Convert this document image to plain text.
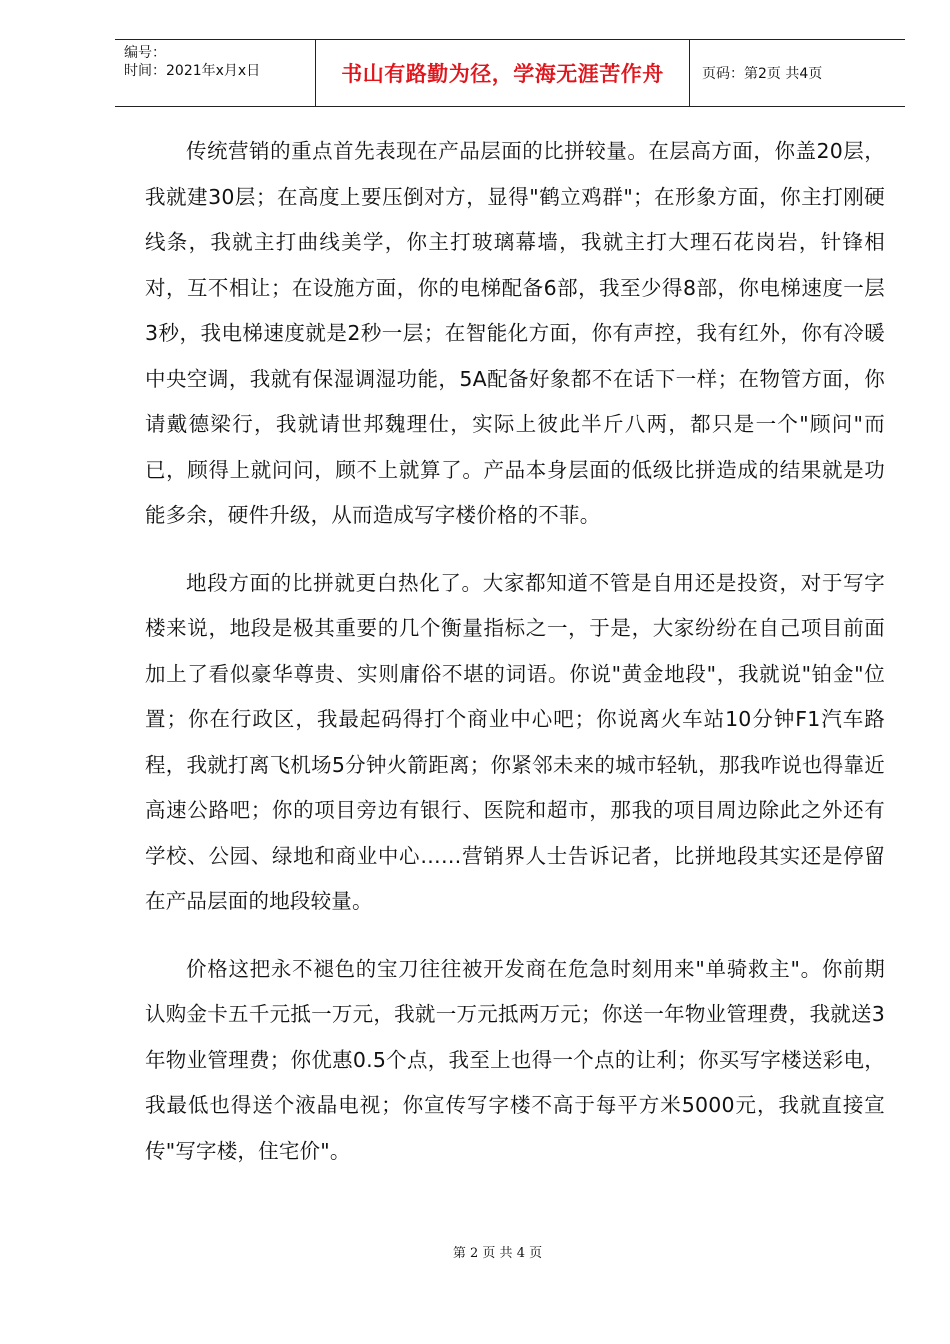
编号：
时间：2021年x月x日	书山有路勤为径，学海无涯苦作舟	页码：第2页 共4页

传统营销的重点首先表现在产品层面的比拼较量。在层高方面，你盖20层，我就建30层；在高度上要压倒对方，显得"鹤立鸡群"；在形象方面，你主打刚硬线条，我就主打曲线美学，你主打玻璃幕墙，我就主打大理石花岗岩，针锋相对，互不相让；在设施方面，你的电梯配备6部，我至少得8部，你电梯速度一层3秒，我电梯速度就是2秒一层；在智能化方面，你有声控，我有红外，你有冷暖中央空调，我就有保湿调湿功能，5A配备好象都不在话下一样；在物管方面，你请戴德梁行，我就请世邦魏理仕，实际上彼此半斤八两，都只是一个"顾问"而已，顾得上就问问，顾不上就算了。产品本身层面的低级比拼造成的结果就是功能多余，硬件升级，从而造成写字楼价格的不菲。

地段方面的比拼就更白热化了。大家都知道不管是自用还是投资，对于写字楼来说，地段是极其重要的几个衡量指标之一，于是，大家纷纷在自己项目前面加上了看似豪华尊贵、实则庸俗不堪的词语。你说"黄金地段"，我就说"铂金"位置；你在行政区，我最起码得打个商业中心吧；你说离火车站10分钟F1汽车路程，我就打离飞机场5分钟火箭距离；你紧邻未来的城市轻轨，那我咋说也得靠近高速公路吧；你的项目旁边有银行、医院和超市，那我的项目周边除此之外还有学校、公园、绿地和商业中心……营销界人士告诉记者，比拼地段其实还是停留在产品层面的地段较量。

价格这把永不褪色的宝刀往往被开发商在危急时刻用来"单骑救主"。你前期认购金卡五千元抵一万元，我就一万元抵两万元；你送一年物业管理费，我就送3年物业管理费；你优惠0.5个点，我至上也得一个点的让利；你买写字楼送彩电，我最低也得送个液晶电视；你宣传写字楼不高于每平方米5000元，我就直接宣传"写字楼，住宅价"。

第 2 页 共 4 页
